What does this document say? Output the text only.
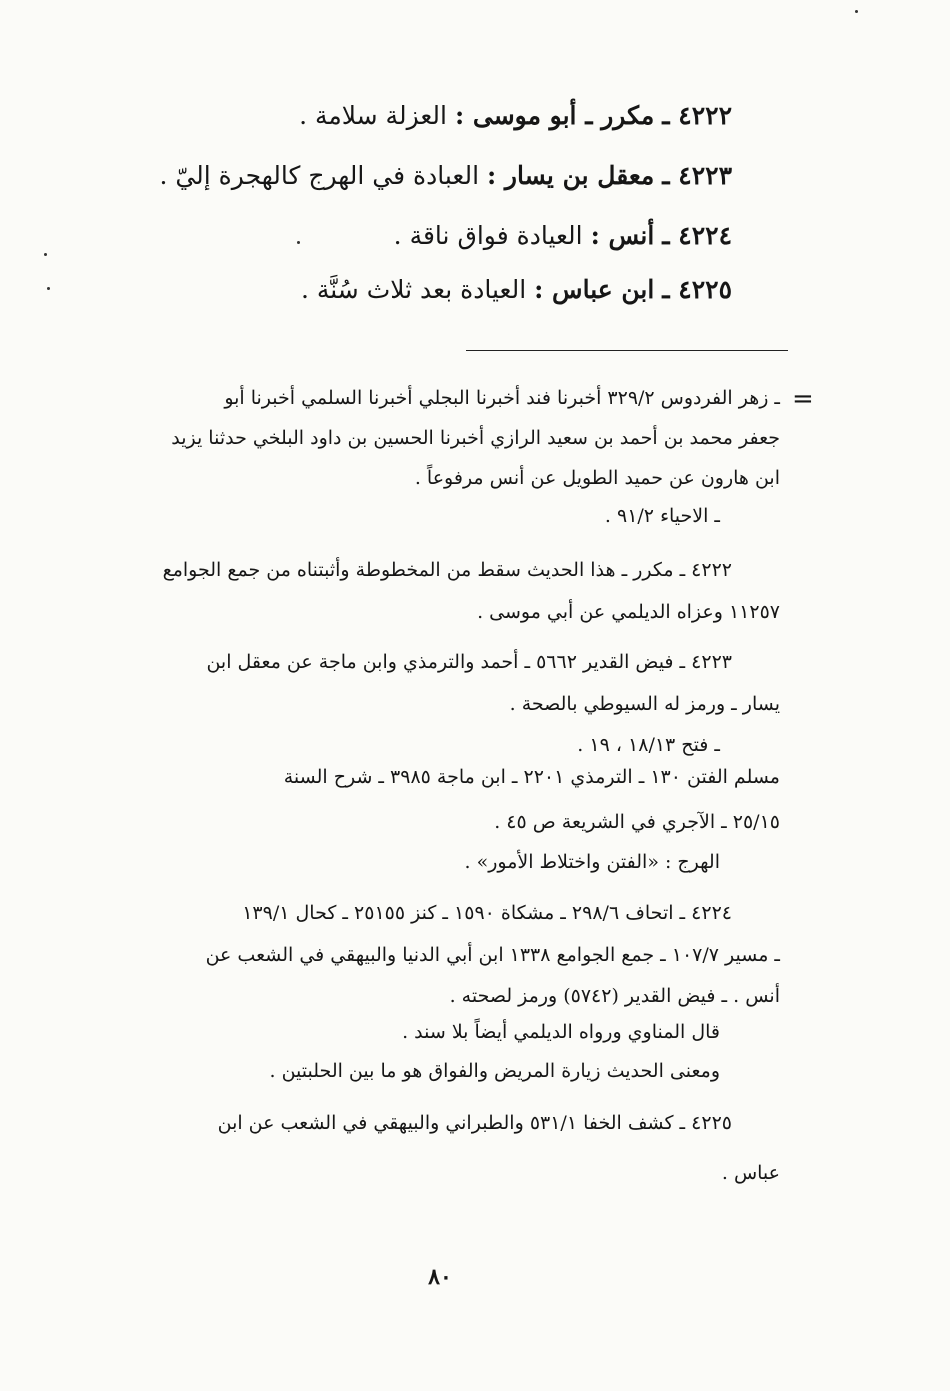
٤٢٢٢ ـ مكرر ـ أبو موسى : العزلة سلامة .
٤٢٢٣ ـ معقل بن يسار : العبادة في الهرج كالهجرة إليّ .
٤٢٢٤ ـ أنس : العيادة فواق ناقة .
٤٢٢٥ ـ ابن عباس : العيادة بعد ثلاث سُنَّة .
=
ـ زهر الفردوس ٣٢٩/٢ أخبرنا فند أخبرنا البجلي أخبرنا السلمي أخبرنا أبو
جعفر محمد بن أحمد بن سعيد الرازي أخبرنا الحسين بن داود البلخي حدثنا يزيد
ابن هارون عن حميد الطويل عن أنس مرفوعاً .
ـ الاحياء ٩١/٢ .
٤٢٢٢ ـ مكرر ـ هذا الحديث سقط من المخطوطة وأثبتناه من جمع الجوامع
١١٢٥٧ وعزاه الديلمي عن أبي موسى .
٤٢٢٣ ـ فيض القدير ٥٦٦٢ ـ أحمد والترمذي وابن ماجة عن معقل ابن
يسار ـ ورمز له السيوطي بالصحة .
ـ فتح ١٨/١٣ ، ١٩ .
مسلم الفتن ١٣٠ ـ الترمذي ٢٢٠١ ـ ابن ماجة ٣٩٨٥ ـ شرح السنة
٢٥/١٥ ـ الآجري في الشريعة ص ٤٥ .
الهرج : «الفتن واختلاط الأمور» .
٤٢٢٤ ـ اتحاف ٢٩٨/٦ ـ مشكاة ١٥٩٠ ـ كنز ٢٥١٥٥ ـ كحال ١٣٩/١
ـ مسير ١٠٧/٧ ـ جمع الجوامع ١٣٣٨ ابن أبي الدنيا والبيهقي في الشعب عن
أنس . ـ فيض القدير (٥٧٤٢) ورمز لصحته .
قال المناوي ورواه الديلمي أيضاً بلا سند .
ومعنى الحديث زيارة المريض والفواق هو ما بين الحلبتين .
٤٢٢٥ ـ كشف الخفا ٥٣١/١ والطبراني والبيهقي في الشعب عن ابن
عباس .
٨٠
